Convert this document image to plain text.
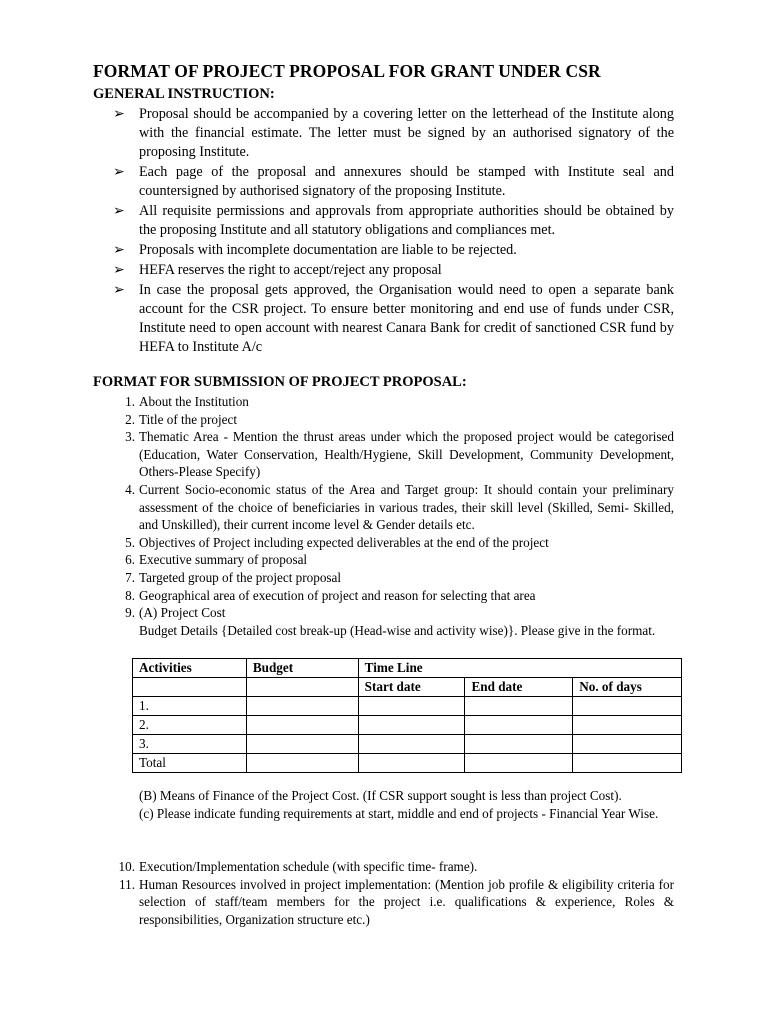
FORMAT OF PROJECT PROPOSAL FOR GRANT UNDER CSR
GENERAL INSTRUCTION:
➢ Proposal should be accompanied by a covering letter on the letterhead of the Institute along with the financial estimate. The letter must be signed by an authorised signatory of the proposing Institute.
➢ Each page of the proposal and annexures should be stamped with Institute seal and countersigned by authorised signatory of the proposing Institute.
➢ All requisite permissions and approvals from appropriate authorities should be obtained by the proposing Institute and all statutory obligations and compliances met.
➢ Proposals with incomplete documentation are liable to be rejected.
➢ HEFA reserves the right to accept/reject any proposal
➢ In case the proposal gets approved, the Organisation would need to open a separate bank account for the CSR project. To ensure better monitoring and end use of funds under CSR, Institute need to open account with nearest Canara Bank for credit of sanctioned CSR fund by HEFA to Institute A/c
FORMAT FOR SUBMISSION OF PROJECT PROPOSAL:
1. About the Institution
2. Title of the project
3. Thematic Area - Mention the thrust areas under which the proposed project would be categorised (Education, Water Conservation, Health/Hygiene, Skill Development, Community Development, Others-Please Specify)
4. Current Socio-economic status of the Area and Target group: It should contain your preliminary assessment of the choice of beneficiaries in various trades, their skill level (Skilled, Semi- Skilled, and Unskilled), their current income level & Gender details etc.
5. Objectives of Project including expected deliverables at the end of the project
6. Executive summary of proposal
7. Targeted group of the project proposal
8. Geographical area of execution of project and reason for selecting that area
9. (A) Project Cost
Budget Details {Detailed cost break-up (Head-wise and activity wise)}. Please give in the format.
Activities	Budget	Time Line		
		Start date	End date	No. of days
1.				
2.				
3.				
Total				
(B) Means of Finance of the Project Cost. (If CSR support sought is less than project Cost).
(c) Please indicate funding requirements at start, middle and end of projects - Financial Year Wise.
10. Execution/Implementation schedule (with specific time- frame).
11. Human Resources involved in project implementation: (Mention job profile & eligibility criteria for selection of staff/team members for the project i.e. qualifications & experience, Roles & responsibilities, Organization structure etc.)
